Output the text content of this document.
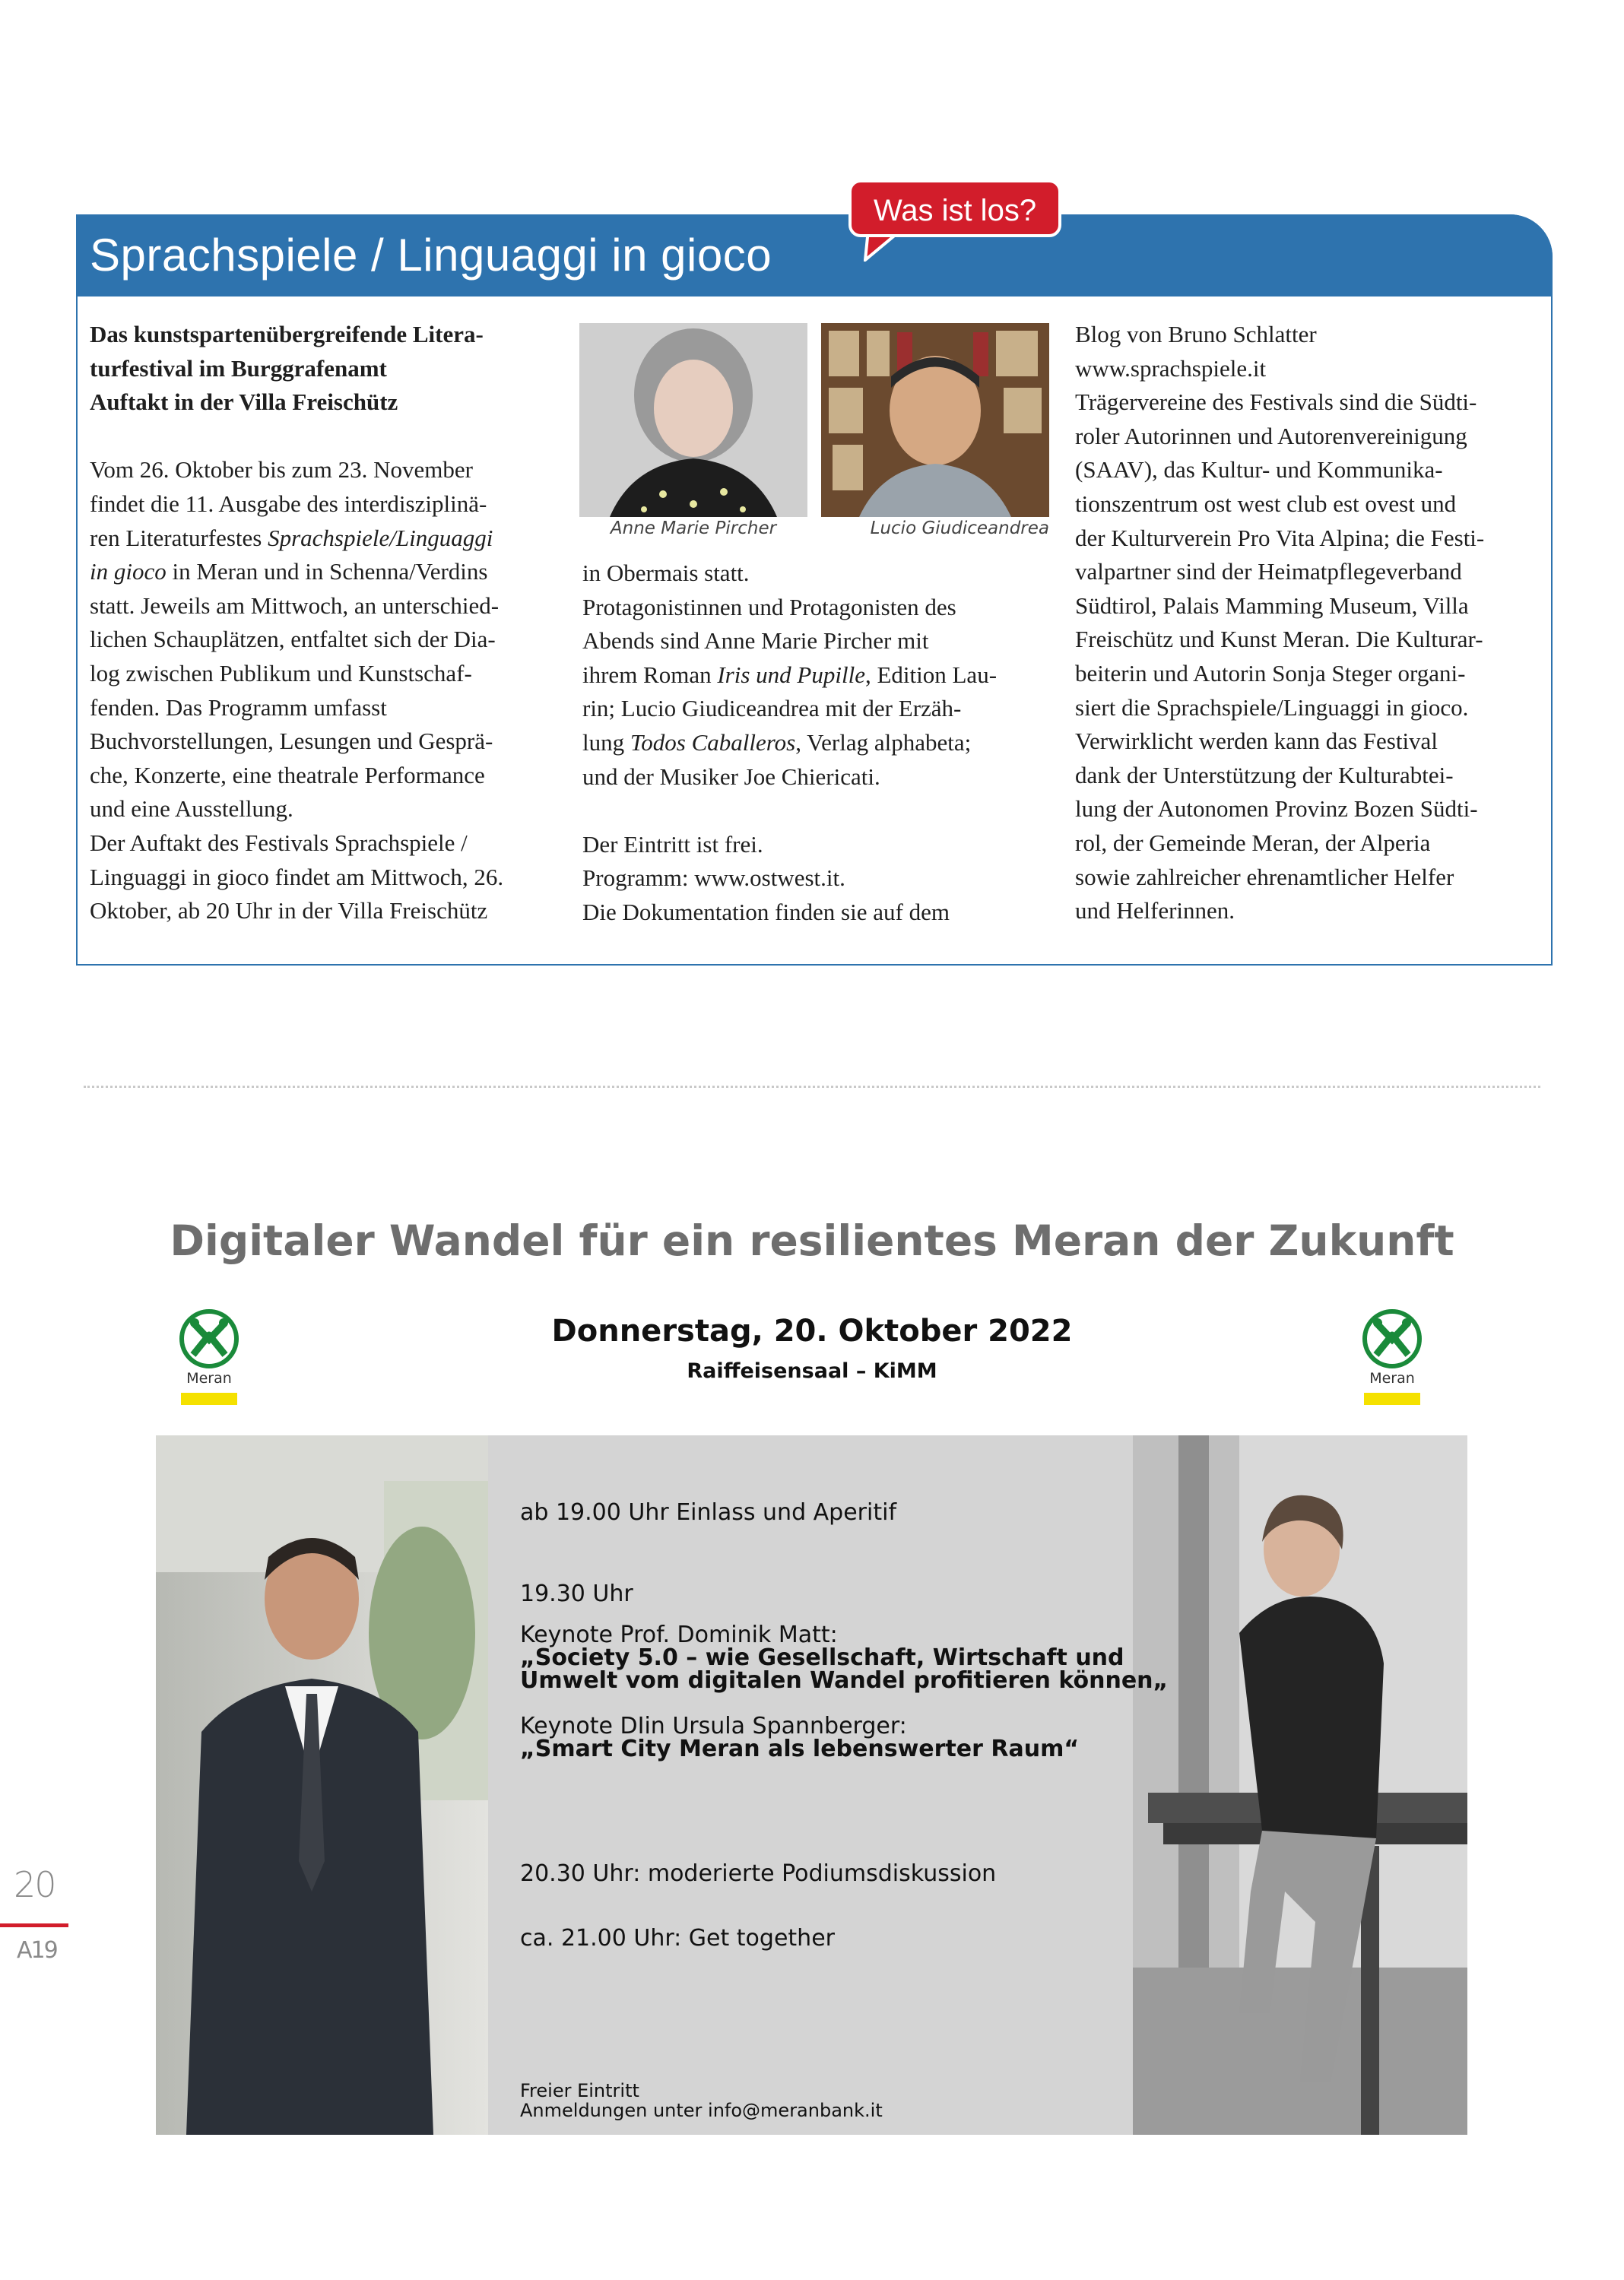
Sprachspiele / Linguaggi in gioco
Was ist los?

Das kunstspartenübergreifende Litera-
turfestival im Burggrafenamt
Auftakt in der Villa Freischütz

Vom 26. Oktober bis zum 23. November
findet die 11. Ausgabe des interdisziplinä-
ren Literaturfestes Sprachspiele/Linguaggi
in gioco in Meran und in Schenna/Verdins
statt. Jeweils am Mittwoch, an unterschied-
lichen Schauplätzen, entfaltet sich der Dia-
log zwischen Publikum und Kunstschaf-
fenden. Das Programm umfasst
Buchvorstellungen, Lesungen und Gesprä-
che, Konzerte, eine theatrale Performance
und eine Ausstellung.
Der Auftakt des Festivals Sprachspiele /
Linguaggi in gioco findet am Mittwoch, 26.
Oktober, ab 20 Uhr in der Villa Freischütz

Anne Marie Pircher	Lucio Giudiceandrea

in Obermais statt.
Protagonistinnen und Protagonisten des
Abends sind Anne Marie Pircher mit
ihrem Roman Iris und Pupille, Edition Lau-
rin; Lucio Giudiceandrea mit der Erzäh-
lung Todos Caballeros, Verlag alphabeta;
und der Musiker Joe Chiericati.

Der Eintritt ist frei.
Programm: www.ostwest.it.
Die Dokumentation finden sie auf dem

Blog von Bruno Schlatter
www.sprachspiele.it
Trägervereine des Festivals sind die Südti-
roler Autorinnen und Autorenvereinigung
(SAAV), das Kultur- und Kommunika-
tionszentrum ost west club est ovest und
der Kulturverein Pro Vita Alpina; die Festi-
valpartner sind der Heimatpflegeverband
Südtirol, Palais Mamming Museum, Villa
Freischütz und Kunst Meran. Die Kulturar-
beiterin und Autorin Sonja Steger organi-
siert die Sprachspiele/Linguaggi in gioco.
Verwirklicht werden kann das Festival
dank der Unterstützung der Kulturabtei-
lung der Autonomen Provinz Bozen Südti-
rol, der Gemeinde Meran, der Alperia
sowie zahlreicher ehrenamtlicher Helfer
und Helferinnen.

Digitaler Wandel für ein resilientes Meran der Zukunft
Donnerstag, 20. Oktober 2022
Raiffeisensaal – KiMM
Meran	Meran
ab 19.00 Uhr Einlass und Aperitif
19.30 Uhr
Keynote Prof. Dominik Matt:
„Society 5.0 – wie Gesellschaft, Wirtschaft und
Umwelt vom digitalen Wandel profitieren können„
Keynote DIin Ursula Spannberger:
„Smart City Meran als lebenswerter Raum“
20.30 Uhr: moderierte Podiumsdiskussion
ca. 21.00 Uhr: Get together
Freier Eintritt
Anmeldungen unter info@meranbank.it
20
A19
